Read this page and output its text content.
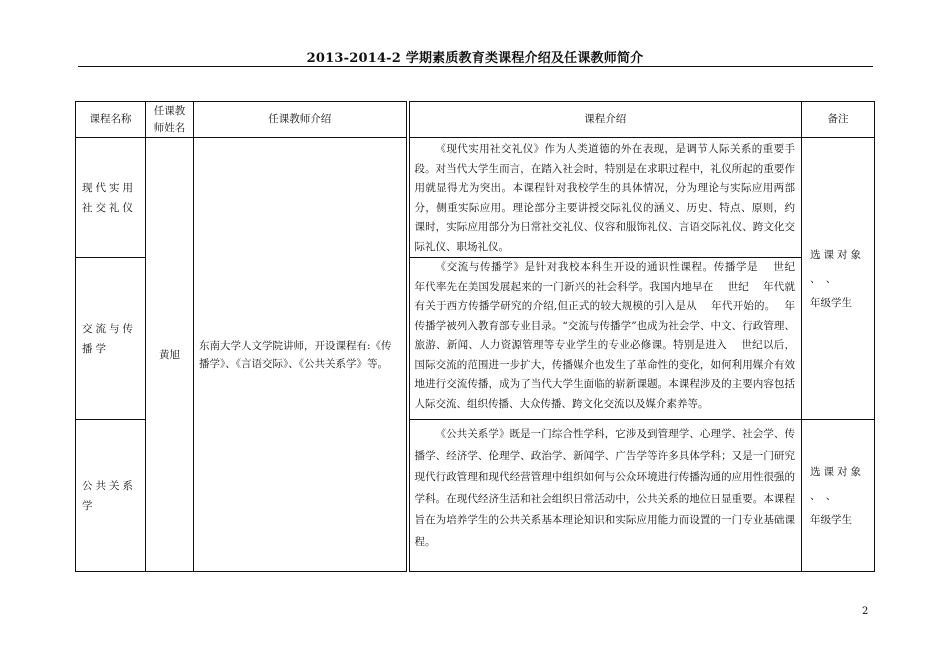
2013-2014-2 学期素质教育类课程介绍及任课教师简介
课程名称	任课教师姓名	任课教师介绍	课程介绍	备注
现代实用社交礼仪	黄旭	东南大学人文学院讲师，开设课程有:《传播学》、《言语交际》、《公共关系学》等。	《现代实用社交礼仪》作为人类道德的外在表现，是调节人际关系的重要手段。对当代大学生而言，在踏入社会时，特别是在求职过程中，礼仪所起的重要作用就显得尤为突出。本课程针对我校学生的具体情况，分为理论与实际应用两部分，侧重实际应用。理论部分主要讲授交际礼仪的涵义、历史、特点、原则，约　 课时，实际应用部分为日常社交礼仪、仪容和服饰礼仪、言语交际礼仪、跨文化交际礼仪、职场礼仪。	选课对象
、　、
年级学生

交流与传播学			《交流与传播学》是针对我校本科生开设的通识性课程。传播学是　 世纪　 年代率先在美国发展起来的一门新兴的社会科学。我国内地早在　 世纪　 年代就有关于西方传播学研究的介绍,但正式的较大规模的引入是从　 年代开始的。　 年传播学被列入教育部专业目录。“交流与传播学”也成为社会学、中文、行政管理、旅游、新闻、人力资源管理等专业学生的专业必修课。特别是进入　 世纪以后，国际交流的范围进一步扩大，传播媒介也发生了革命性的变化，如何利用媒介有效地进行交流传播，成为了当代大学生面临的崭新课题。本课程涉及的主要内容包括人际交流、组织传播、大众传播、跨文化交流以及媒介素养等。	

公共关系学			《公共关系学》既是一门综合性学科，它涉及到管理学、心理学、社会学、传播学、经济学、伦理学、政治学、新闻学、广告学等许多具体学科；又是一门研究现代行政管理和现代经营管理中组织如何与公众环境进行传播沟通的应用性很强的学科。在现代经济生活和社会组织日常活动中，公共关系的地位日显重要。本课程旨在为培养学生的公共关系基本理论知识和实际应用能力而设置的一门专业基础课程。	选课对象
、　、
年级学生
2
